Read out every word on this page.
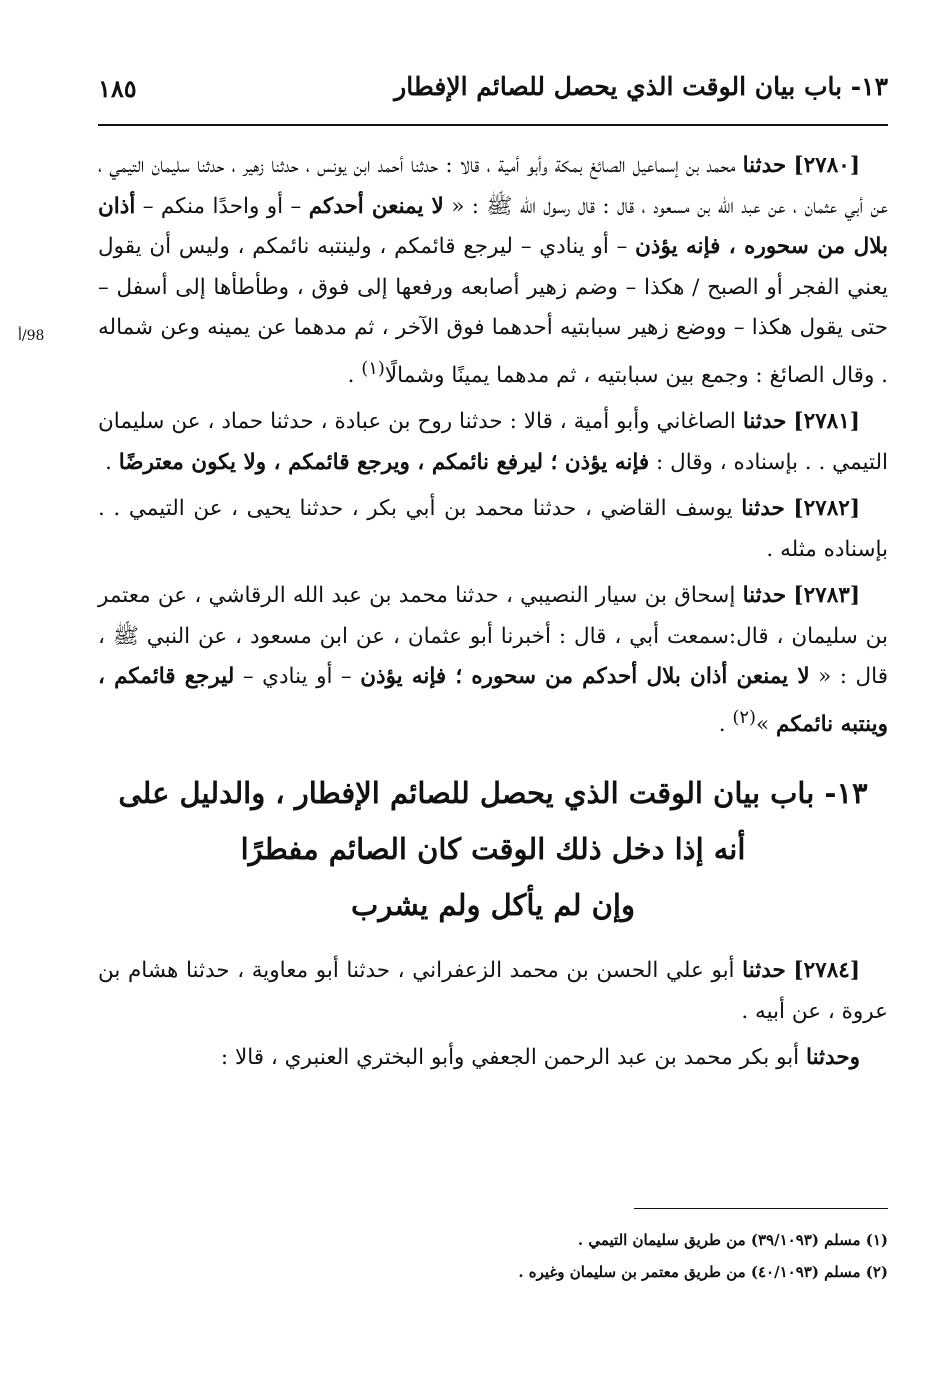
١٣- باب بيان الوقت الذي يحصل للصائم الإفطار
١٨٥
98/أ

[٢٧٨٠] حدثنا محمد بن إسماعيل الصائغ بمكة وأبو أمية ، قالا : حدثنا أحمد ابن يونس ، حدثنا زهير ، حدثنا سليمان التيمي ، عن أبي عثمان ، عن عبد الله بن مسعود ، قال : قال رسول الله ﷺ : « لا يمنعن أحدكم – أو واحدًا منكم – أذان بلال من سحوره ، فإنه يؤذن – أو ينادي – ليرجع قائمكم ، ولينتبه نائمكم ، وليس أن يقول يعني الفجر أو الصبح / هكذا – وضم زهير أصابعه ورفعها إلى فوق ، وطأطأها إلى أسفل – حتى يقول هكذا – ووضع زهير سبابتيه أحدهما فوق الآخر ، ثم مدهما عن يمينه وعن شماله . وقال الصائغ : وجمع بين سبابتيه ، ثم مدهما يمينًا وشمالًا$^{(١)}$ .

[٢٧٨١] حدثنا الصاغاني وأبو أمية ، قالا : حدثنا روح بن عبادة ، حدثنا حماد ، عن سليمان التيمي . . بإسناده ، وقال : فإنه يؤذن ؛ ليرفع نائمكم ، ويرجع قائمكم ، ولا يكون معترضًا .

[٢٧٨٢] حدثنا يوسف القاضي ، حدثنا محمد بن أبي بكر ، حدثنا يحيى ، عن التيمي . . بإسناده مثله .

[٢٧٨٣] حدثنا إسحاق بن سيار النصيبي ، حدثنا محمد بن عبد الله الرقاشي ، عن معتمر بن سليمان ، قال:سمعت أبي ، قال : أخبرنا أبو عثمان ، عن ابن مسعود ، عن النبي ﷺ ، قال : « لا يمنعن أذان بلال أحدكم من سحوره ؛ فإنه يؤذن – أو ينادي – ليرجع قائمكم ، وينتبه نائمكم »$^{(٢)}$ .

١٣- باب بيان الوقت الذي يحصل للصائم الإفطار ، والدليل على
أنه إذا دخل ذلك الوقت كان الصائم مفطرًا
وإن لم يأكل ولم يشرب

[٢٧٨٤] حدثنا أبو علي الحسن بن محمد الزعفراني ، حدثنا أبو معاوية ، حدثنا هشام بن عروة ، عن أبيه .

وحدثنا أبو بكر محمد بن عبد الرحمن الجعفي وأبو البختري العنبري ، قالا :

(١) مسلم (٣٩/١٠٩٣) من طريق سليمان التيمي .
(٢) مسلم (٤٠/١٠٩٣) من طريق معتمر بن سليمان وغيره .
